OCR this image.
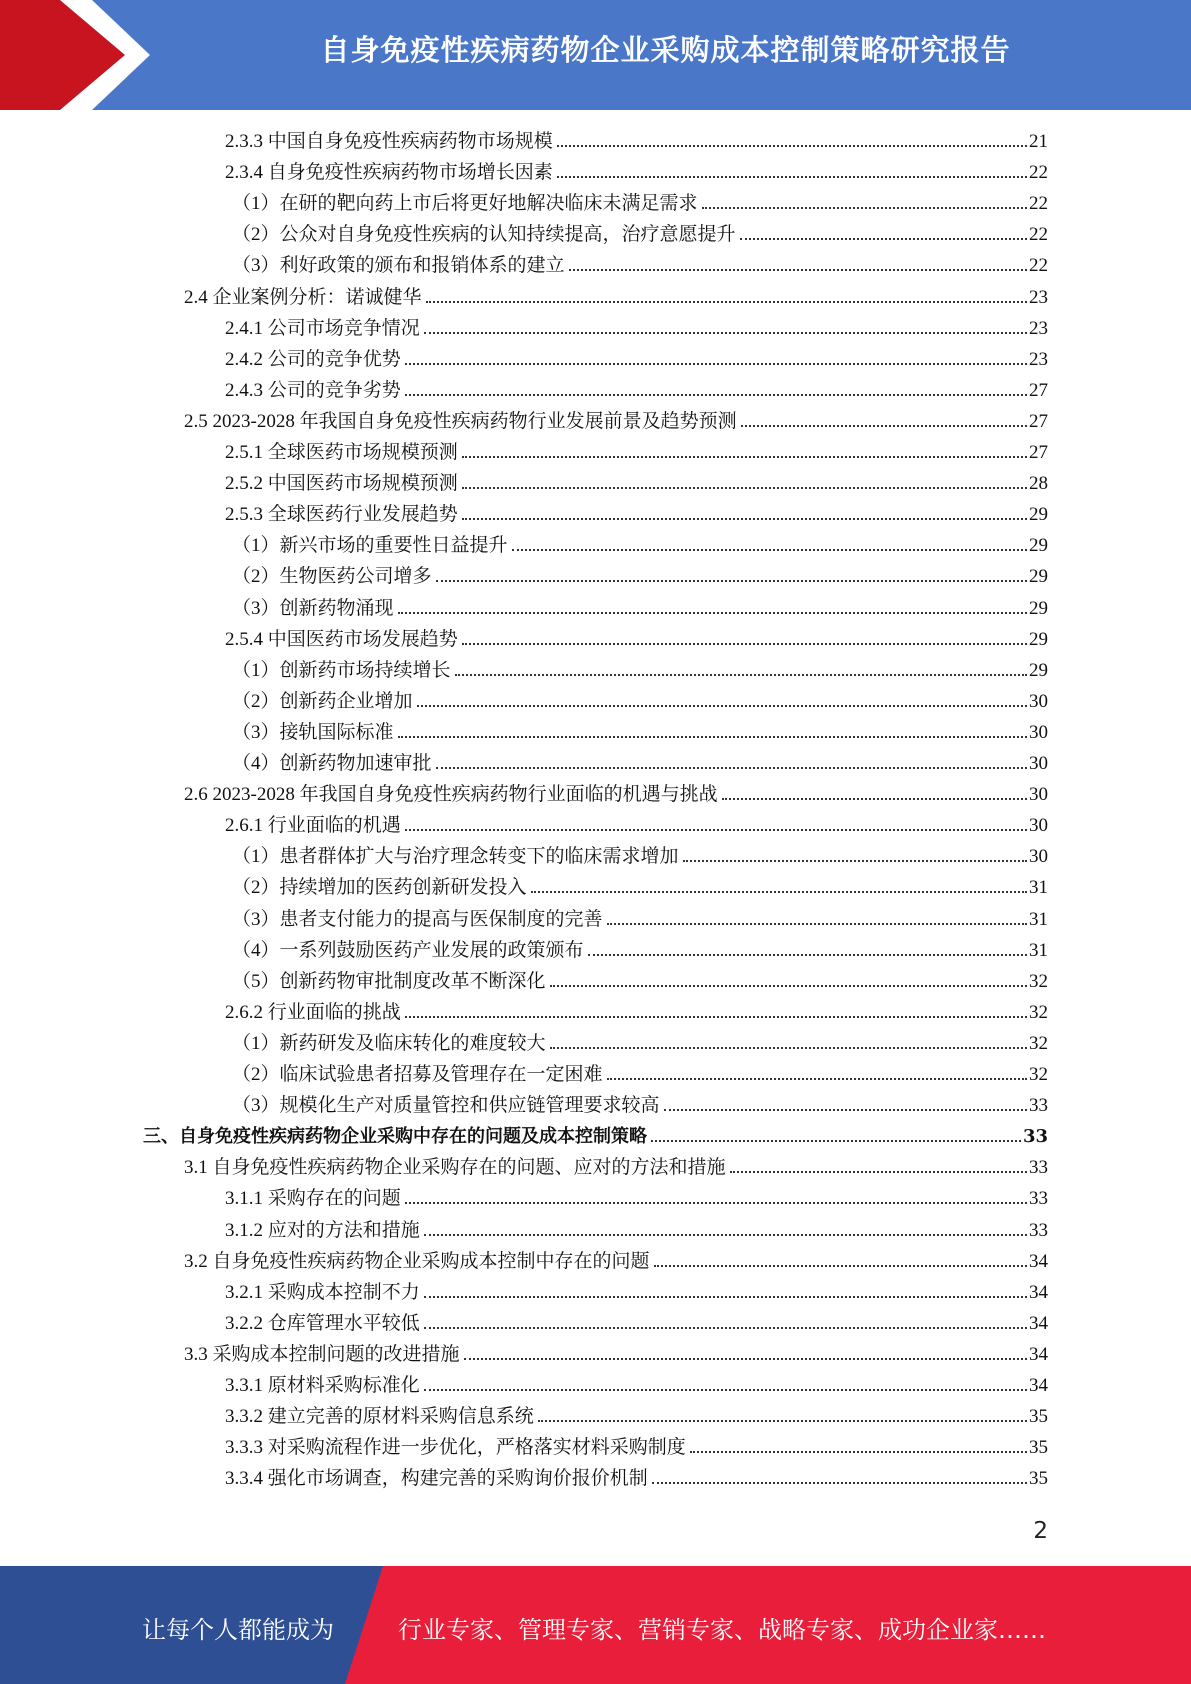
自身免疫性疾病药物企业采购成本控制策略研究报告
2.3.3 中国自身免疫性疾病药物市场规模	21
2.3.4 自身免疫性疾病药物市场增长因素	22
（1）在研的靶向药上市后将更好地解决临床未满足需求	22
（2）公众对自身免疫性疾病的认知持续提高，治疗意愿提升	22
（3）利好政策的颁布和报销体系的建立	22
2.4 企业案例分析：诺诚健华	23
2.4.1 公司市场竞争情况	23
2.4.2 公司的竞争优势	23
2.4.3 公司的竞争劣势	27
2.5 2023-2028 年我国自身免疫性疾病药物行业发展前景及趋势预测	27
2.5.1 全球医药市场规模预测	27
2.5.2 中国医药市场规模预测	28
2.5.3 全球医药行业发展趋势	29
（1）新兴市场的重要性日益提升	29
（2）生物医药公司增多	29
（3）创新药物涌现	29
2.5.4 中国医药市场发展趋势	29
（1）创新药市场持续增长	29
（2）创新药企业增加	30
（3）接轨国际标准	30
（4）创新药物加速审批	30
2.6 2023-2028 年我国自身免疫性疾病药物行业面临的机遇与挑战	30
2.6.1 行业面临的机遇	30
（1）患者群体扩大与治疗理念转变下的临床需求增加	30
（2）持续增加的医药创新研发投入	31
（3）患者支付能力的提高与医保制度的完善	31
（4）一系列鼓励医药产业发展的政策颁布	31
（5）创新药物审批制度改革不断深化	32
2.6.2 行业面临的挑战	32
（1）新药研发及临床转化的难度较大	32
（2）临床试验患者招募及管理存在一定困难	32
（3）规模化生产对质量管控和供应链管理要求较高	33
三、自身免疫性疾病药物企业采购中存在的问题及成本控制策略	33
3.1 自身免疫性疾病药物企业采购存在的问题、应对的方法和措施	33
3.1.1 采购存在的问题	33
3.1.2 应对的方法和措施	33
3.2 自身免疫性疾病药物企业采购成本控制中存在的问题	34
3.2.1 采购成本控制不力	34
3.2.2 仓库管理水平较低	34
3.3 采购成本控制问题的改进措施	34
3.3.1 原材料采购标准化	34
3.3.2 建立完善的原材料采购信息系统	35
3.3.3 对采购流程作进一步优化，严格落实材料采购制度	35
3.3.4 强化市场调查，构建完善的采购询价报价机制	35
2
让每个人都能成为	行业专家、管理专家、营销专家、战略专家、成功企业家……
